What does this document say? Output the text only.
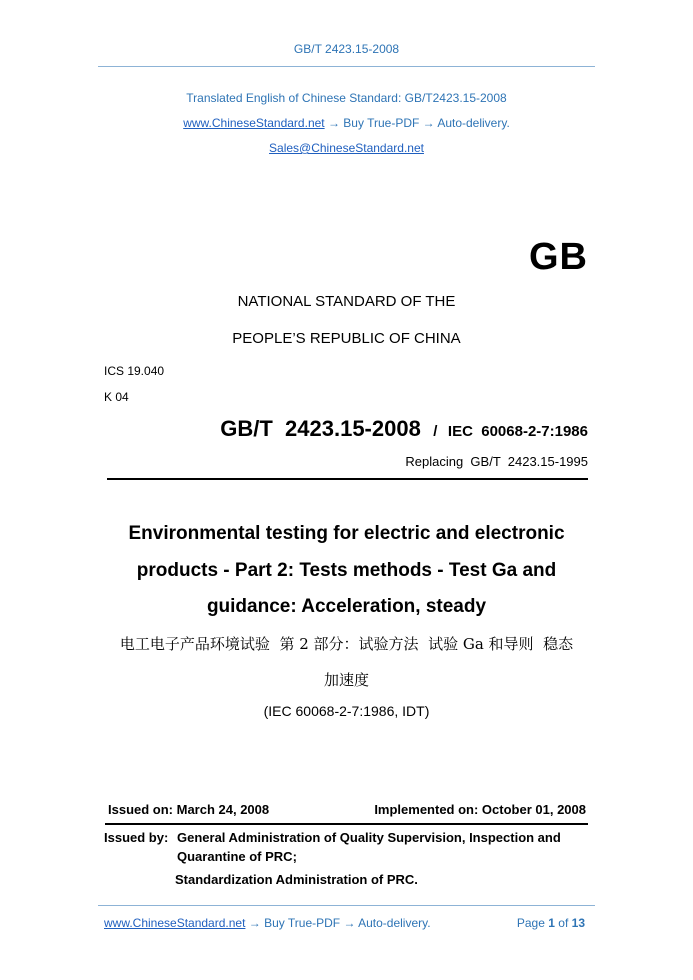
GB/T 2423.15-2008
Translated English of Chinese Standard: GB/T2423.15-2008
www.ChineseStandard.net → Buy True-PDF → Auto-delivery.
Sales@ChineseStandard.net
GB
NATIONAL STANDARD OF THE
PEOPLE’S REPUBLIC OF CHINA
ICS 19.040
K 04
GB/T  2423.15-2008 / IEC  60068-2-7:1986
Replacing  GB/T  2423.15-1995
Environmental testing for electric and electronic
products - Part 2: Tests methods - Test Ga and
guidance: Acceleration, steady
电工电子产品环境试验  第 2 部分：试验方法  试验 Ga 和导则  稳态
加速度
(IEC 60068-2-7:1986, IDT)
Issued on: March 24, 2008	Implemented on: October 01, 2008
Issued by: General Administration of Quality Supervision, Inspection and
Quarantine of PRC;
Standardization Administration of PRC.
www.ChineseStandard.net → Buy True-PDF → Auto-delivery.	Page 1 of 13
